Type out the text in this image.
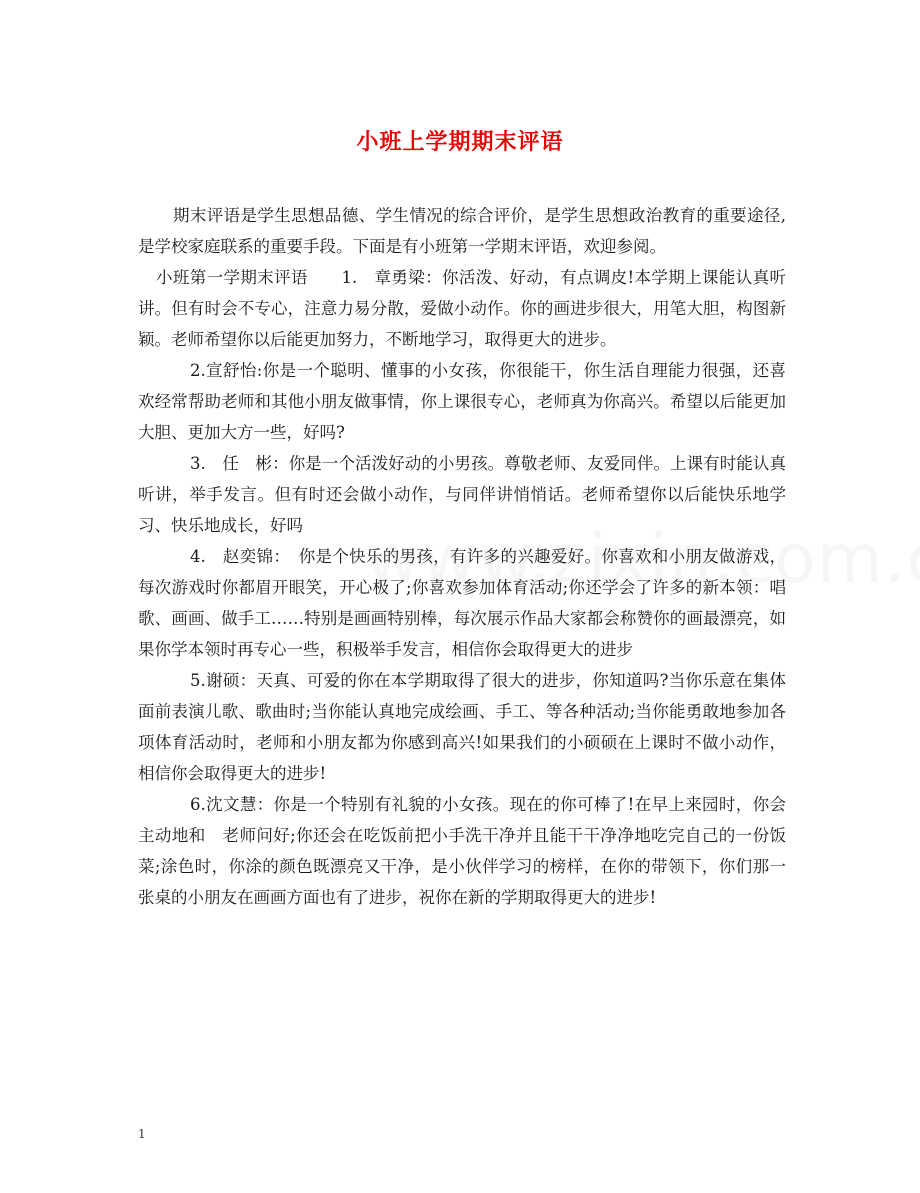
小班上学期期末评语

期末评语是学生思想品德、学生情况的综合评价，是学生思想政治教育的重要途径,是学校家庭联系的重要手段。下面是有小班第一学期末评语，欢迎参阅。

小班第一学期末评语　　1.　章勇梁：你活泼、好动，有点调皮!本学期上课能认真听讲。但有时会不专心，注意力易分散，爱做小动作。你的画进步很大，用笔大胆，构图新颖。老师希望你以后能更加努力，不断地学习，取得更大的进步。

2.宣舒怡:你是一个聪明、懂事的小女孩，你很能干，你生活自理能力很强，还喜欢经常帮助老师和其他小朋友做事情，你上课很专心，老师真为你高兴。希望以后能更加大胆、更加大方一些，好吗?

3.　任　彬：你是一个活泼好动的小男孩。尊敬老师、友爱同伴。上课有时能认真听讲，举手发言。但有时还会做小动作，与同伴讲悄悄话。老师希望你以后能快乐地学习、快乐地成长，好吗

4.　赵奕锦：　你是个快乐的男孩，有许多的兴趣爱好。你喜欢和小朋友做游戏，每次游戏时你都眉开眼笑，开心极了;你喜欢参加体育活动;你还学会了许多的新本领：唱歌、画画、做手工……特别是画画特别棒，每次展示作品大家都会称赞你的画最漂亮，如果你学本领时再专心一些，积极举手发言，相信你会取得更大的进步

5.谢硕：天真、可爱的你在本学期取得了很大的进步，你知道吗?当你乐意在集体面前表演儿歌、歌曲时;当你能认真地完成绘画、手工、等各种活动;当你能勇敢地参加各项体育活动时，老师和小朋友都为你感到高兴!如果我们的小硕硕在上课时不做小动作，相信你会取得更大的进步!

6.沈文慧：你是一个特别有礼貌的小女孩。现在的你可棒了!在早上来园时，你会主动地和　老师问好;你还会在吃饭前把小手洗干净并且能干干净净地吃完自己的一份饭菜;涂色时，你涂的颜色既漂亮又干净，是小伙伴学习的榜样，在你的带领下，你们那一张桌的小朋友在画画方面也有了进步，祝你在新的学期取得更大的进步!

1
